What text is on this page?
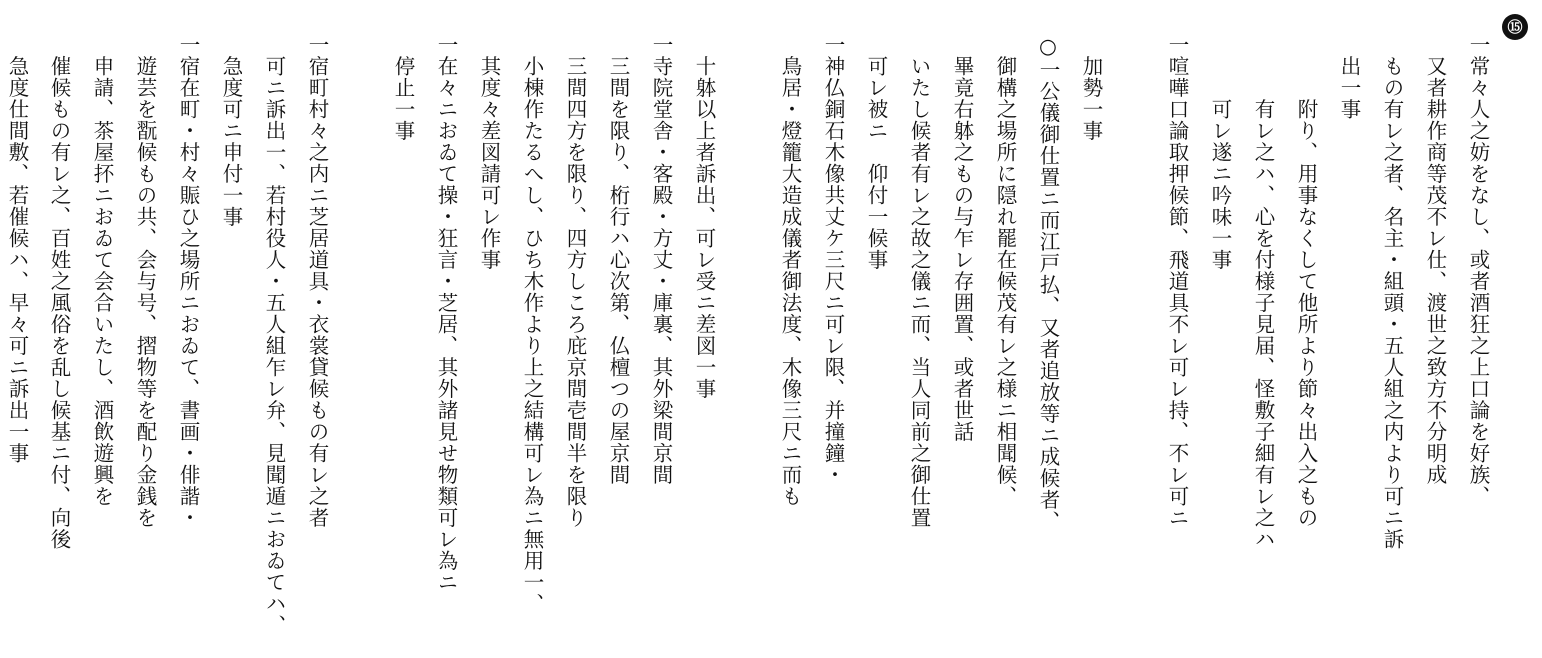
⑮
一常々人之妨をなし、或者酒狂之上口論を好族、
　又者耕作商等茂不レ仕、渡世之致方不分明成
　もの有レ之者、名主・組頭・五人組之内より可ニ訴
　出一事
　　　附り、用事なくして他所より節々出入之もの
　　　有レ之ハ、心を付様子見届、怪敷子細有レ之ハ
　　　可レ遂ニ吟味一事
一喧嘩口論取押候節、飛道具不レ可レ持、不レ可ニ
　加勢一事
○一公儀御仕置ニ而江戸払、又者追放等ニ成候者、
　御構之場所に隠れ罷在候茂有レ之様ニ相聞候、
　畢竟右躰之もの与乍レ存囲置、或者世話
　いたし候者有レ之故之儀ニ而、当人同前之御仕置
　可レ被ニ　仰付一候事
一神仏銅石木像共丈ケ三尺ニ可レ限、并撞鐘・
　鳥居・燈籠大造成儀者御法度、木像三尺ニ而も
　十躰以上者訴出、可レ受ニ差図一事
一寺院堂舎・客殿・方丈・庫裏、其外梁間京間
　三間を限り、桁行ハ心次第、仏檀つの屋京間
　三間四方を限り、四方しころ庇京間壱間半を限り
　小棟作たるへし、ひち木作より上之結構可レ為ニ無用一、
　其度々差図請可レ作事
一在々ニおゐて操・狂言・芝居、其外諸見せ物類可レ為ニ
　停止一事
一宿町村々之内ニ芝居道具・衣裳貸候もの有レ之者
　可ニ訴出一、若村役人・五人組乍レ弁、見聞遁ニおゐてハ、
　急度可ニ申付一事
一宿在町・村々賑ひ之場所ニおゐて、書画・俳諧・
　遊芸を翫候もの共、会与号、摺物等を配り金銭を
　申請、茶屋抔ニおゐて会合いたし、酒飲遊興を
　催候もの有レ之、百姓之風俗を乱し候基ニ付、向後
　急度仕間敷、若催候ハ、早々可ニ訴出一事
